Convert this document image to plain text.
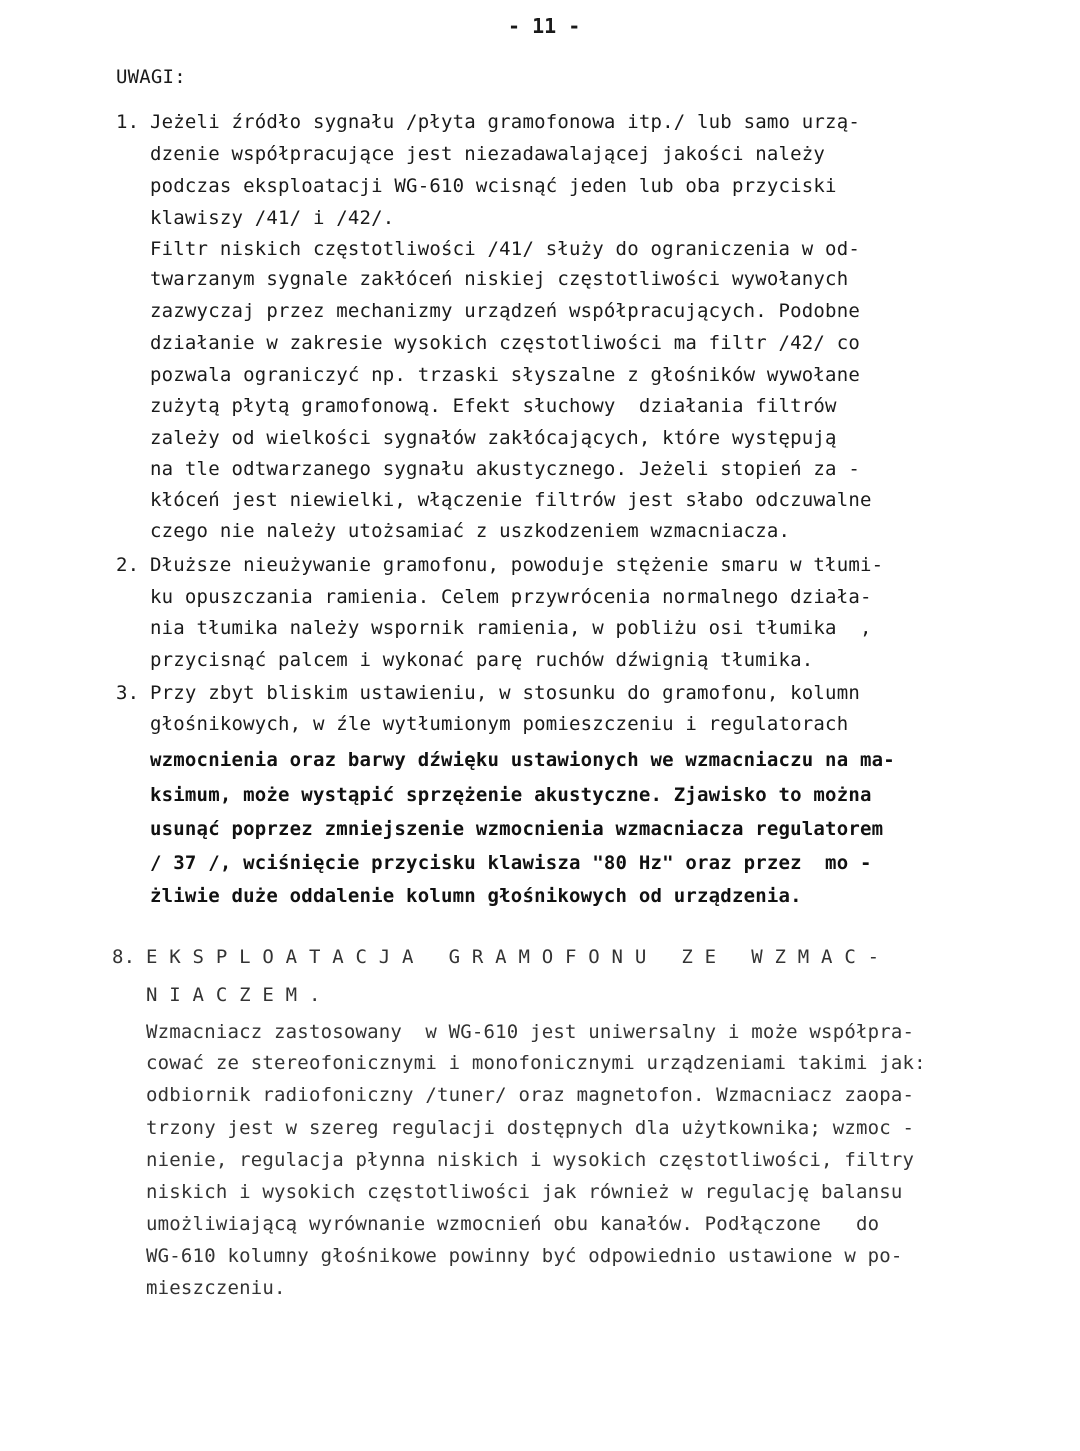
- 11 -
UWAGI:
1. Jeżeli źródło sygnału /płyta gramofonowa itp./ lub samo urzą-
dzenie współpracujące jest niezadawalającej jakości należy
podczas eksploatacji WG-610 wcisnąć jeden lub oba przyciski
klawiszy /41/ i /42/.
Filtr niskich częstotliwości /41/ służy do ograniczenia w od-
twarzanym sygnale zakłóceń niskiej częstotliwości wywołanych
zazwyczaj przez mechanizmy urządzeń współpracujących. Podobne
działanie w zakresie wysokich częstotliwości ma filtr /42/ co
pozwala ograniczyć np. trzaski słyszalne z głośników wywołane
zużytą płytą gramofonową. Efekt słuchowy  działania filtrów
zależy od wielkości sygnałów zakłócających, które występują
na tle odtwarzanego sygnału akustycznego. Jeżeli stopień za -
kłóceń jest niewielki, włączenie filtrów jest słabo odczuwalne
czego nie należy utożsamiać z uszkodzeniem wzmacniacza.
2. Dłuższe nieużywanie gramofonu, powoduje stężenie smaru w tłumi-
ku opuszczania ramienia. Celem przywrócenia normalnego działa-
nia tłumika należy wspornik ramienia, w pobliżu osi tłumika  ,
przycisnąć palcem i wykonać parę ruchów dźwignią tłumika.
3. Przy zbyt bliskim ustawieniu, w stosunku do gramofonu, kolumn
głośnikowych, w źle wytłumionym pomieszczeniu i regulatorach
wzmocnienia oraz barwy dźwięku ustawionych we wzmacniaczu na ma-
ksimum, może wystąpić sprzężenie akustyczne. Zjawisko to można
usunąć poprzez zmniejszenie wzmocnienia wzmacniacza regulatorem
/ 37 /, wciśnięcie przycisku klawisza "80 Hz" oraz przez  mo -
żliwie duże oddalenie kolumn głośnikowych od urządzenia.
8. E K S P L O A T A C J A   G R A M O F O N U   Z E   W Z M A C -
N I A C Z E M .
Wzmacniacz zastosowany  w WG-610 jest uniwersalny i może współpra-
cować ze stereofonicznymi i monofonicznymi urządzeniami takimi jak:
odbiornik radiofoniczny /tuner/ oraz magnetofon. Wzmacniacz zaopa-
trzony jest w szereg regulacji dostępnych dla użytkownika; wzmoc -
nienie, regulacja płynna niskich i wysokich częstotliwości, filtry
niskich i wysokich częstotliwości jak również w regulację balansu
umożliwiającą wyrównanie wzmocnień obu kanałów. Podłączone   do
WG-610 kolumny głośnikowe powinny być odpowiednio ustawione w po-
mieszczeniu.
